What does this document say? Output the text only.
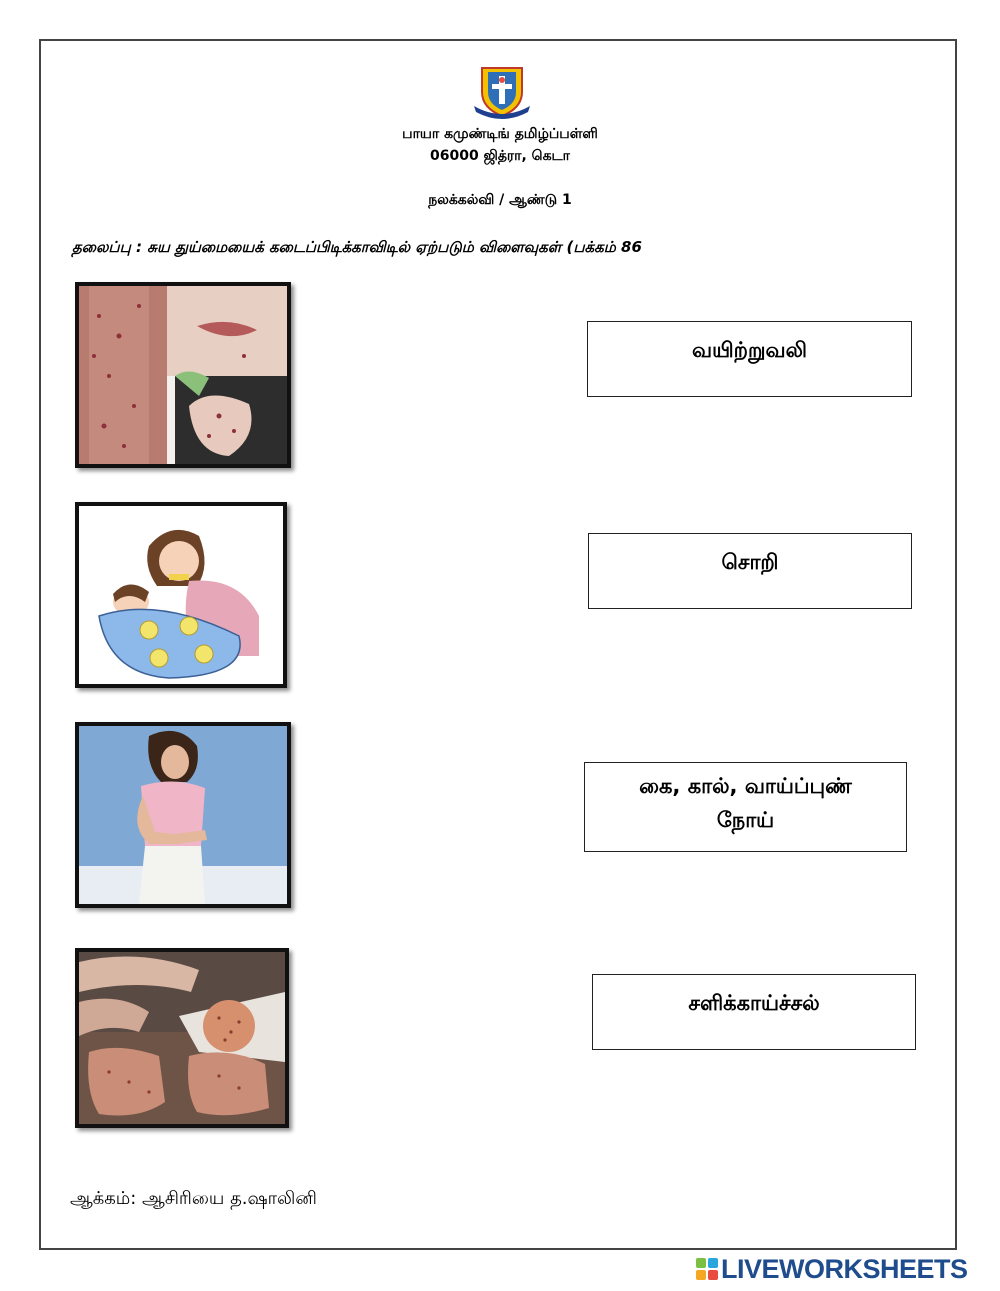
பாயா கமுண்டிங் தமிழ்ப்பள்ளி
06000 ஜித்ரா, கெடா
நலக்கல்வி / ஆண்டு 1
தலைப்பு : சுய துய்மையைக் கடைப்பிடிக்காவிடில் ஏற்படும் விளைவுகள் (பக்கம் 86
வயிற்றுவலி
சொறி
கை, கால், வாய்ப்புண்
நோய்
சளிக்காய்ச்சல்
ஆக்கம்: ஆசிரியை த.ஷாலினி
LIVEWORKSHEETS
